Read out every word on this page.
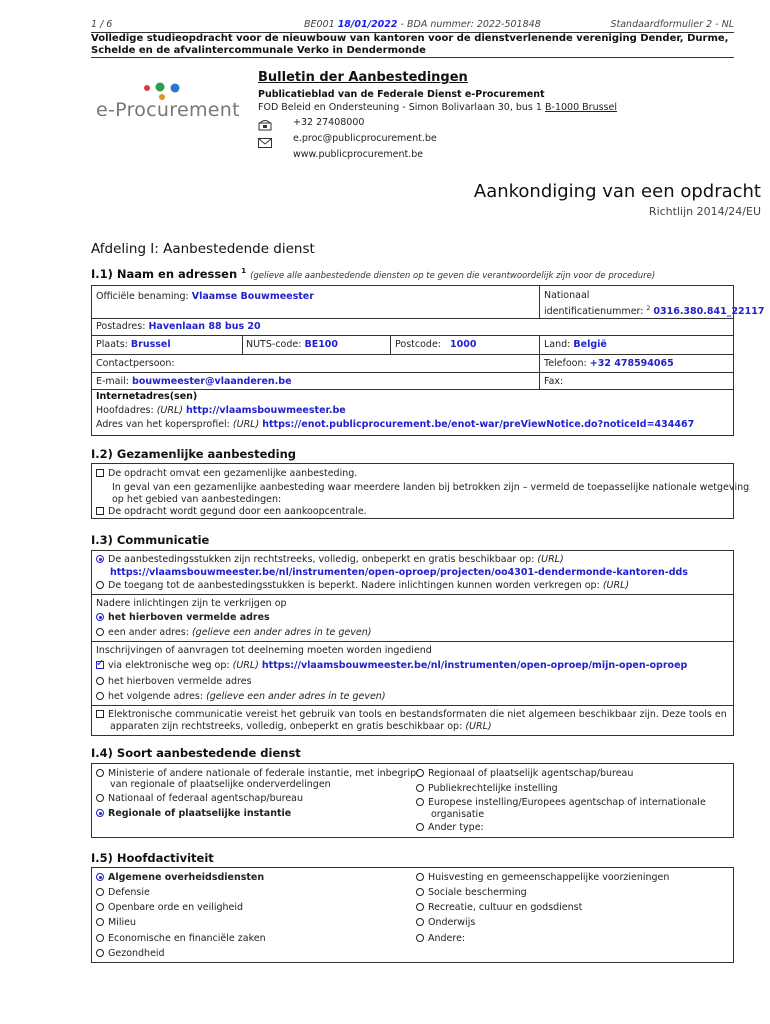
1 / 6	BE001 18/01/2022 - BDA nummer: 2022-501848	Standaardformulier 2 - NL
Volledige studieopdracht voor de nieuwbouw van kantoren voor de dienstverlenende vereniging Dender, Durme, Schelde en de afvalintercommunale Verko in Dendermonde
e-Procurement
Bulletin der Aanbestedingen
Publicatieblad van de Federale Dienst e-Procurement
FOD Beleid en Ondersteuning - Simon Bolivarlaan 30, bus 1 B-1000 Brussel
+32 27408000
e.proc@publicprocurement.be
www.publicprocurement.be
Aankondiging van een opdracht
Richtlijn 2014/24/EU
Afdeling I: Aanbestedende dienst
I.1) Naam en adressen $^1$ (gelieve alle aanbestedende diensten op te geven die verantwoordelijk zijn voor de procedure)
Officiële benaming: Vlaamse Bouwmeester	Nationaal
identificatienummer: $^2$ 0316.380.841_22117
Postadres: Havenlaan 88 bus 20
Plaats: Brussel	NUTS-code: BE100	Postcode: 1000	Land: België
Contactpersoon:	Telefoon: +32 478594065
E-mail: bouwmeester@vlaanderen.be	Fax:
Internetadres(sen)
Hoofdadres: (URL) http://vlaamsbouwmeester.be
Adres van het kopersprofiel: (URL) https://enot.publicprocurement.be/enot-war/preViewNotice.do?noticeId=434467
I.2) Gezamenlijke aanbesteding
De opdracht omvat een gezamenlijke aanbesteding.
In geval van een gezamenlijke aanbesteding waar meerdere landen bij betrokken zijn – vermeld de toepasselijke nationale wetgeving
op het gebied van aanbestedingen:
De opdracht wordt gegund door een aankoopcentrale.
I.3) Communicatie
De aanbestedingsstukken zijn rechtstreeks, volledig, onbeperkt en gratis beschikbaar op: (URL)
https://vlaamsbouwmeester.be/nl/instrumenten/open-oproep/projecten/oo4301-dendermonde-kantoren-dds
De toegang tot de aanbestedingsstukken is beperkt. Nadere inlichtingen kunnen worden verkregen op: (URL)
Nadere inlichtingen zijn te verkrijgen op
het hierboven vermelde adres
een ander adres: (gelieve een ander adres in te geven)
Inschrijvingen of aanvragen tot deelneming moeten worden ingediend
✓via elektronische weg op: (URL) https://vlaamsbouwmeester.be/nl/instrumenten/open-oproep/mijn-open-oproep
het hierboven vermelde adres
het volgende adres: (gelieve een ander adres in te geven)
Elektronische communicatie vereist het gebruik van tools en bestandsformaten die niet algemeen beschikbaar zijn. Deze tools en
apparaten zijn rechtstreeks, volledig, onbeperkt en gratis beschikbaar op: (URL)
I.4) Soort aanbestedende dienst
Ministerie of andere nationale of federale instantie, met inbegrip
van regionale of plaatselijke onderverdelingen
Nationaal of federaal agentschap/bureau
Regionale of plaatselijke instantie
Regionaal of plaatselijk agentschap/bureau
Publiekrechtelijke instelling
Europese instelling/Europees agentschap of internationale
organisatie
Ander type:
I.5) Hoofdactiviteit
Algemene overheidsdiensten
Defensie
Openbare orde en veiligheid
Milieu
Economische en financiële zaken
Gezondheid
Huisvesting en gemeenschappelijke voorzieningen
Sociale bescherming
Recreatie, cultuur en godsdienst
Onderwijs
Andere:
